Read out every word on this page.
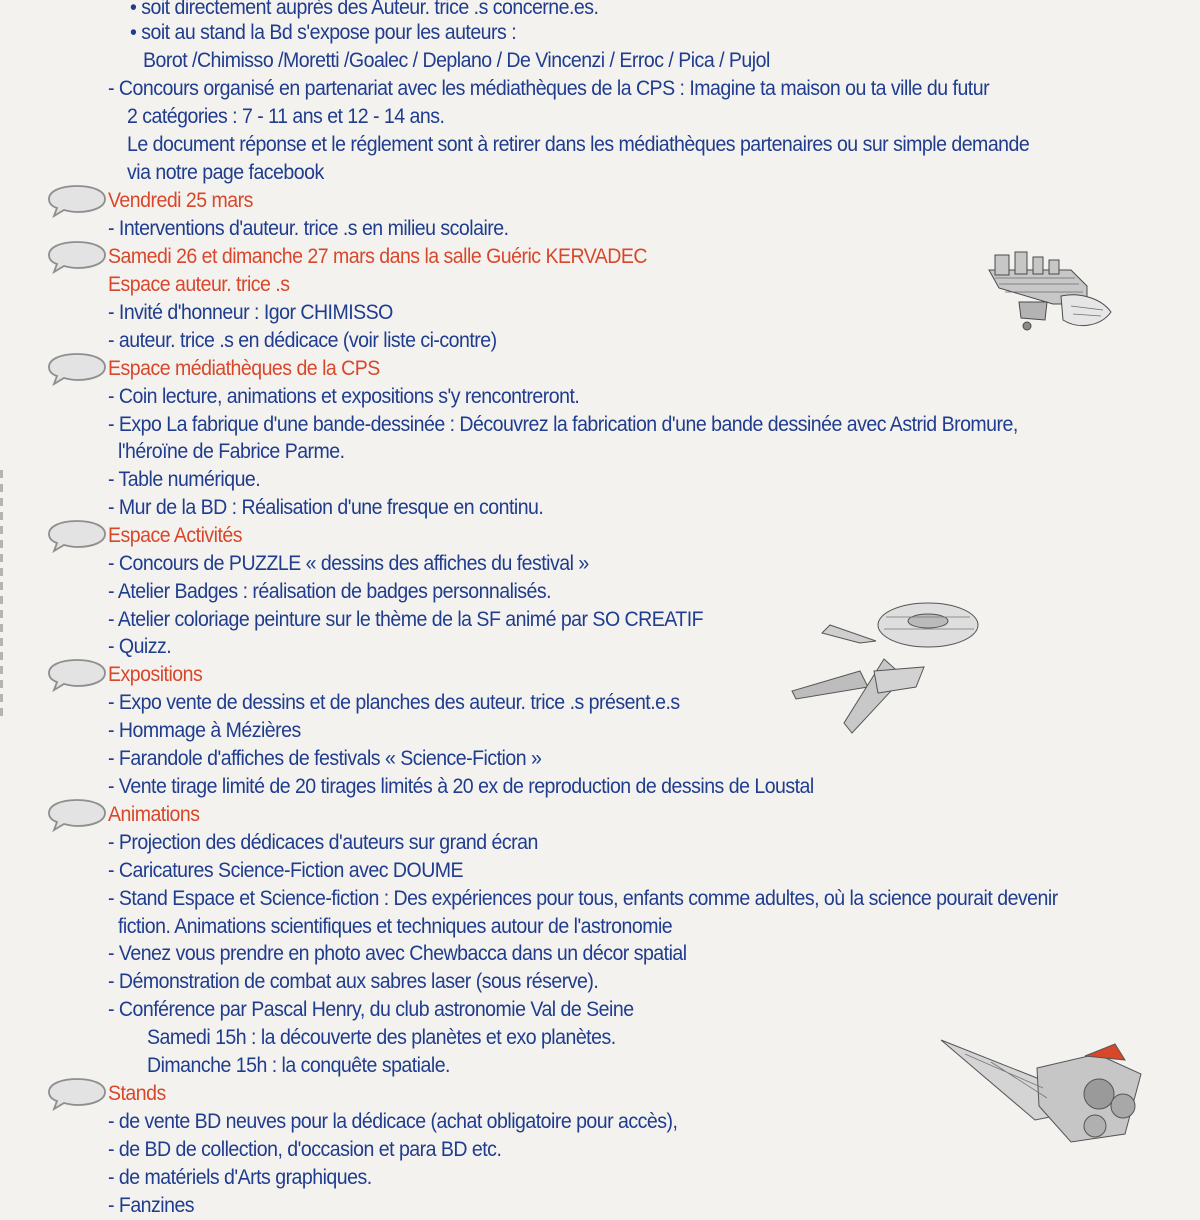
• soit directement auprès des Auteur. trice .s concerne.es.
• soit au stand la Bd s'expose pour les auteurs :
Borot /Chimisso /Moretti /Goalec / Deplano / De Vincenzi / Erroc / Pica / Pujol
- Concours organisé en partenariat avec les médiathèques de la CPS : Imagine ta maison ou ta ville du futur
2 catégories : 7 - 11 ans et 12 - 14 ans.
Le document réponse et le réglement sont à retirer dans les médiathèques partenaires ou sur simple demande
via notre page facebook
Vendredi 25 mars
- Interventions d'auteur. trice .s en milieu scolaire.
Samedi 26 et dimanche 27 mars dans la salle Guéric KERVADEC
Espace auteur. trice .s
- Invité d'honneur : Igor CHIMISSO
- auteur. trice .s en dédicace (voir liste ci-contre)
Espace médiathèques de la CPS
- Coin lecture, animations et expositions s'y rencontreront.
- Expo La fabrique d'une bande-dessinée : Découvrez la fabrication d'une bande dessinée avec Astrid Bromure,
l'héroïne de Fabrice Parme.
- Table numérique.
- Mur de la BD : Réalisation d'une fresque en continu.
Espace Activités
- Concours de PUZZLE « dessins des affiches du festival »
- Atelier Badges : réalisation de badges personnalisés.
- Atelier coloriage peinture sur le thème de la SF animé par SO CREATIF
- Quizz.
Expositions
- Expo vente de dessins et de planches des auteur. trice .s présent.e.s
- Hommage à Mézières
- Farandole d'affiches de festivals « Science-Fiction »
- Vente tirage limité de 20 tirages limités à 20 ex de reproduction de dessins de Loustal
Animations
- Projection des dédicaces d'auteurs sur grand écran
- Caricatures Science-Fiction avec DOUME
- Stand Espace et Science-fiction : Des expériences pour tous, enfants comme adultes, où la science pourait devenir
fiction. Animations scientifiques et techniques autour de l'astronomie
- Venez vous prendre en photo avec Chewbacca dans un décor spatial
- Démonstration de combat aux sabres laser (sous réserve).
- Conférence par Pascal Henry, du club astronomie Val de Seine
Samedi 15h : la découverte des planètes et exo planètes.
Dimanche 15h : la conquête spatiale.
Stands
- de vente BD neuves pour la dédicace (achat obligatoire pour accès),
- de BD de collection, d'occasion et para BD etc.
- de matériels d'Arts graphiques.
- Fanzines
